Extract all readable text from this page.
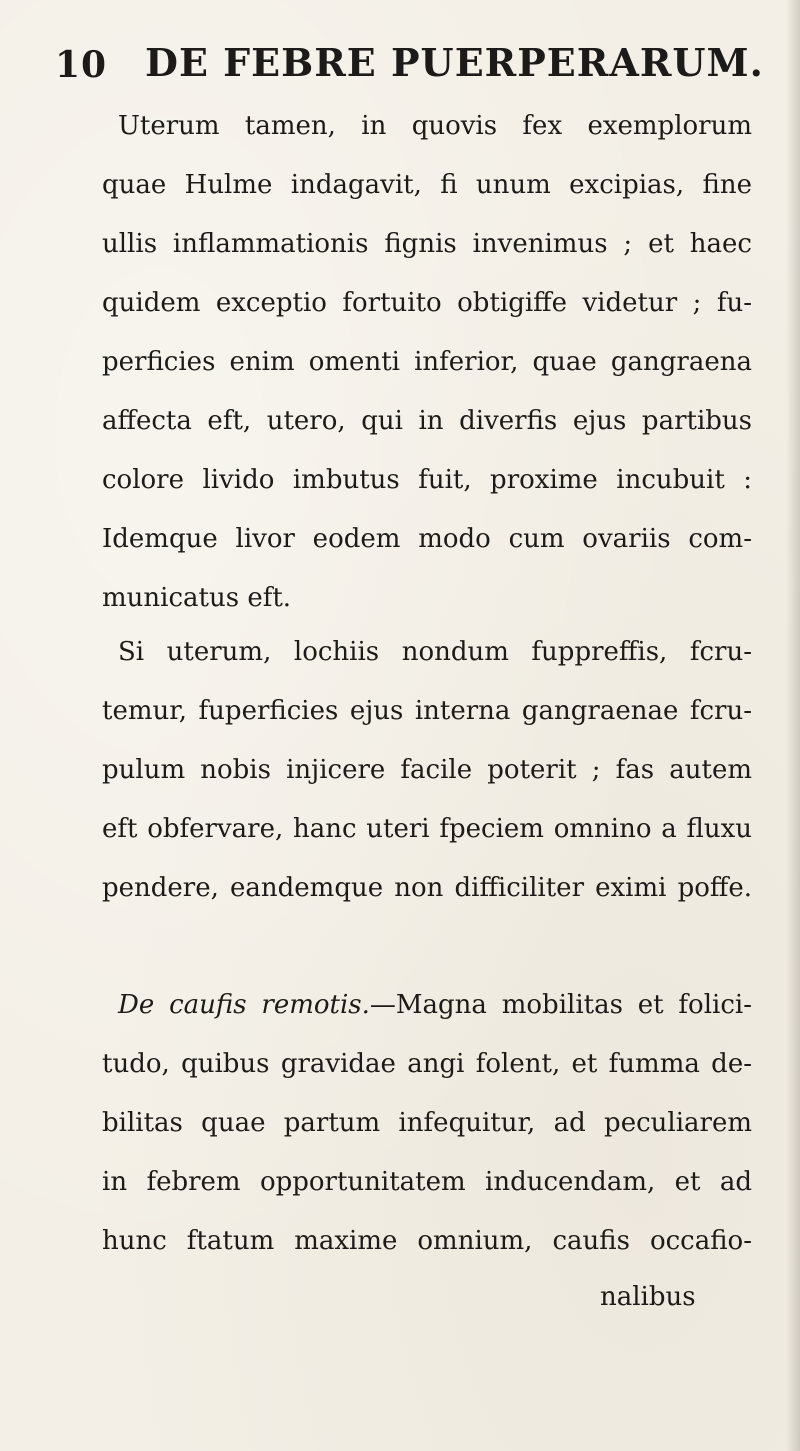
10 DE FEBRE PUERPERARUM.
Uterum tamen, in quovis fex exemplorum
quae Hulme indagavit, fi unum excipias, fine
ullis inflammationis fignis invenimus ; et haec
quidem exceptio fortuito obtigiffe videtur ; fu-
perficies enim omenti inferior, quae gangraena
affecta eft, utero, qui in diverfis ejus partibus
colore livido imbutus fuit, proxime incubuit :
Idemque livor eodem modo cum ovariis com-
municatus eft.
Si uterum, lochiis nondum fuppreffis, fcru-
temur, fuperficies ejus interna gangraenae fcru-
pulum nobis injicere facile poterit ; fas autem
eft obfervare, hanc uteri fpeciem omnino a fluxu
pendere, eandemque non difficiliter eximi poffe.
De caufis remotis.—Magna mobilitas et folici-
tudo, quibus gravidae angi folent, et fumma de-
bilitas quae partum infequitur, ad peculiarem
in febrem opportunitatem inducendam, et ad
hunc ftatum maxime omnium, caufis occafio-
nalibus
